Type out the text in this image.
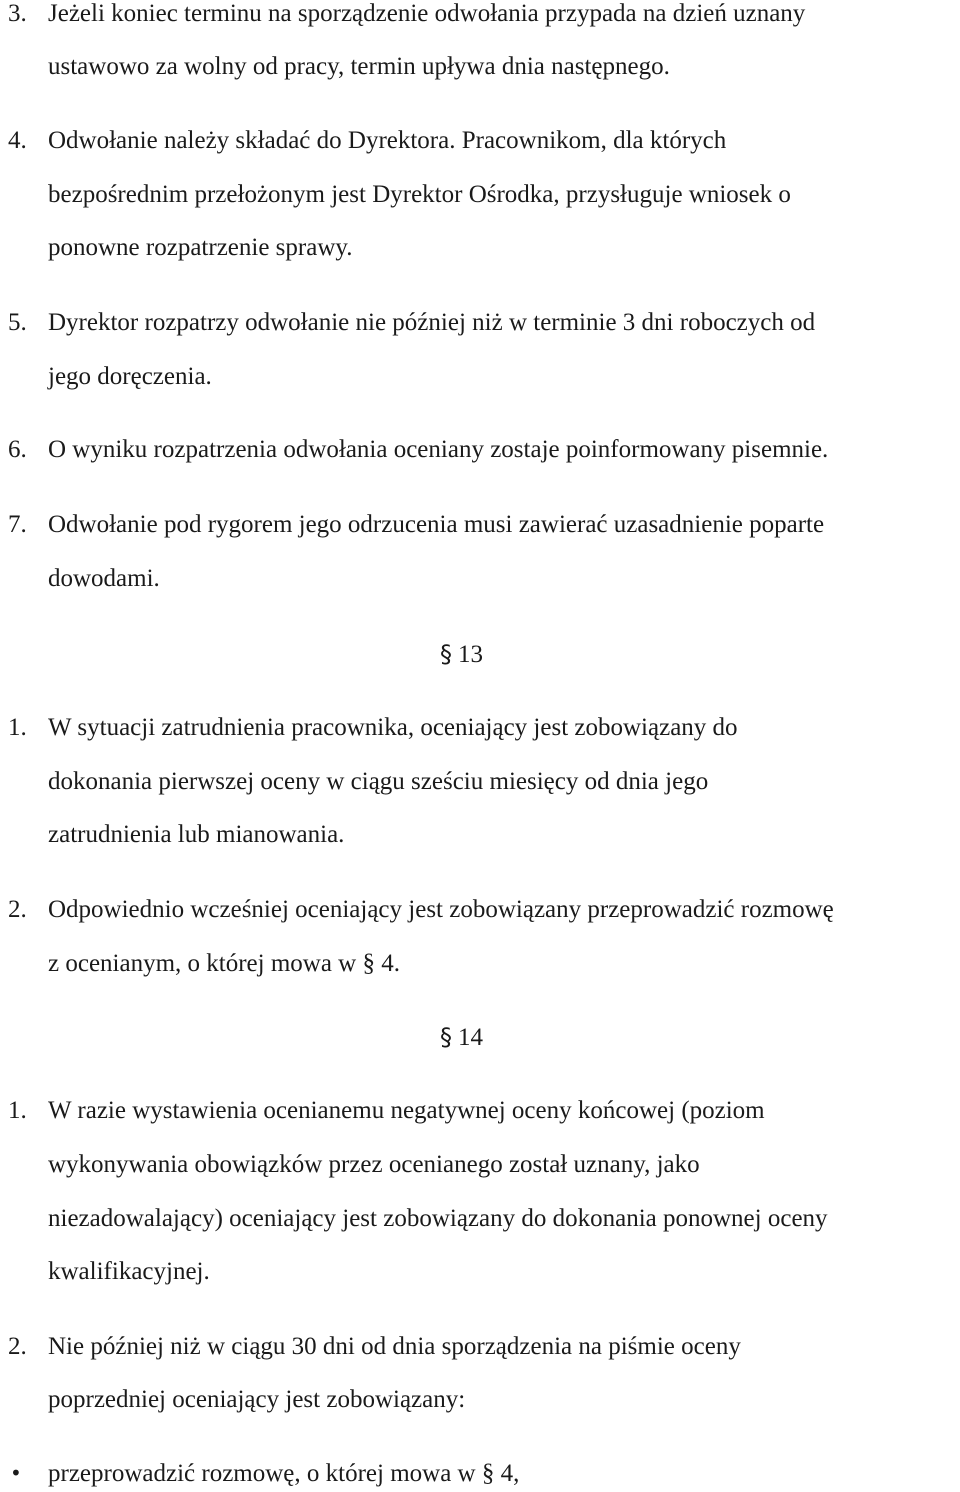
3. Jeżeli koniec terminu na sporządzenie odwołania przypada na dzień uznany
ustawowo za wolny od pracy, termin upływa dnia następnego.
4. Odwołanie należy składać do Dyrektora. Pracownikom, dla których
bezpośrednim przełożonym jest Dyrektor Ośrodka, przysługuje wniosek o
ponowne rozpatrzenie sprawy.
5. Dyrektor rozpatrzy odwołanie nie później niż w terminie 3 dni roboczych od
jego doręczenia.
6. O wyniku rozpatrzenia odwołania oceniany zostaje poinformowany pisemnie.
7. Odwołanie pod rygorem jego odrzucenia musi zawierać uzasadnienie poparte
dowodami.
§ 13
1. W sytuacji zatrudnienia pracownika, oceniający jest zobowiązany do
dokonania pierwszej oceny w ciągu sześciu miesięcy od dnia jego
zatrudnienia lub mianowania.
2. Odpowiednio wcześniej oceniający jest zobowiązany przeprowadzić rozmowę
z ocenianym, o której mowa w § 4.
§ 14
1. W razie wystawienia ocenianemu negatywnej oceny końcowej (poziom
wykonywania obowiązków przez ocenianego został uznany, jako
niezadowalający) oceniający jest zobowiązany do dokonania ponownej oceny
kwalifikacyjnej.
2. Nie później niż w ciągu 30 dni od dnia sporządzenia na piśmie oceny
poprzedniej oceniający jest zobowiązany:
• przeprowadzić rozmowę, o której mowa w § 4,
